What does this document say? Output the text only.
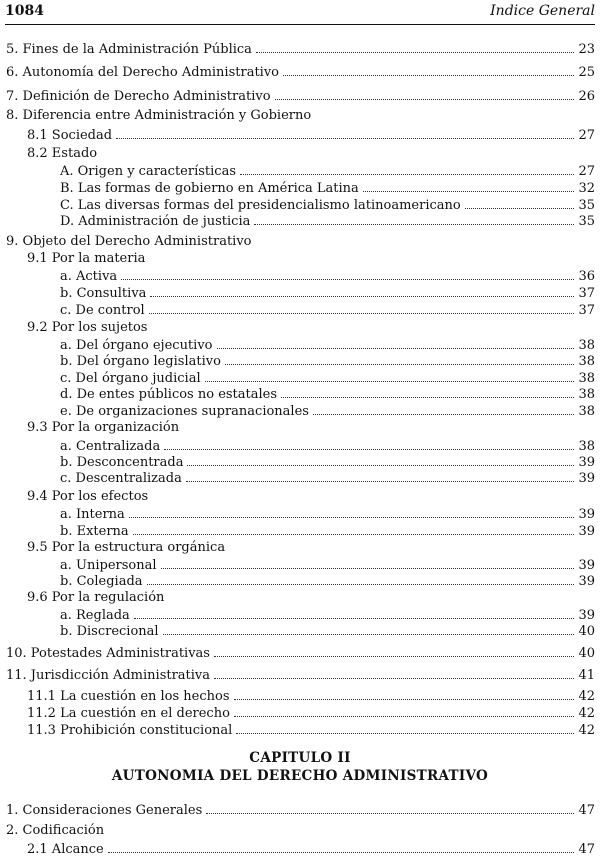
1084	Indice General
5. Fines de la Administración Pública	23
6. Autonomía del Derecho Administrativo	25
7. Definición de Derecho Administrativo	26
8. Diferencia entre Administración y Gobierno
8.1 Sociedad	27
8.2 Estado
A. Origen y características	27
B. Las formas de gobierno en América Latina	32
C. Las diversas formas del presidencialismo latinoamericano	35
D. Administración de justicia	35
9. Objeto del Derecho Administrativo
9.1 Por la materia
a. Activa	36
b. Consultiva	37
c. De control	37
9.2 Por los sujetos
a. Del órgano ejecutivo	38
b. Del órgano legislativo	38
c. Del órgano judicial	38
d. De entes públicos no estatales	38
e. De organizaciones supranacionales	38
9.3 Por la organización
a. Centralizada	38
b. Desconcentrada	39
c. Descentralizada	39
9.4 Por los efectos
a. Interna	39
b. Externa	39
9.5 Por la estructura orgánica
a. Unipersonal	39
b. Colegiada	39
9.6 Por la regulación
a. Reglada	39
b. Discrecional	40
10. Potestades Administrativas	40
11. Jurisdicción Administrativa	41
11.1 La cuestión en los hechos	42
11.2 La cuestión en el derecho	42
11.3 Prohibición constitucional	42
CAPITULO II
AUTONOMIA DEL DERECHO ADMINISTRATIVO
1. Consideraciones Generales	47
2. Codificación
2.1 Alcance	47
